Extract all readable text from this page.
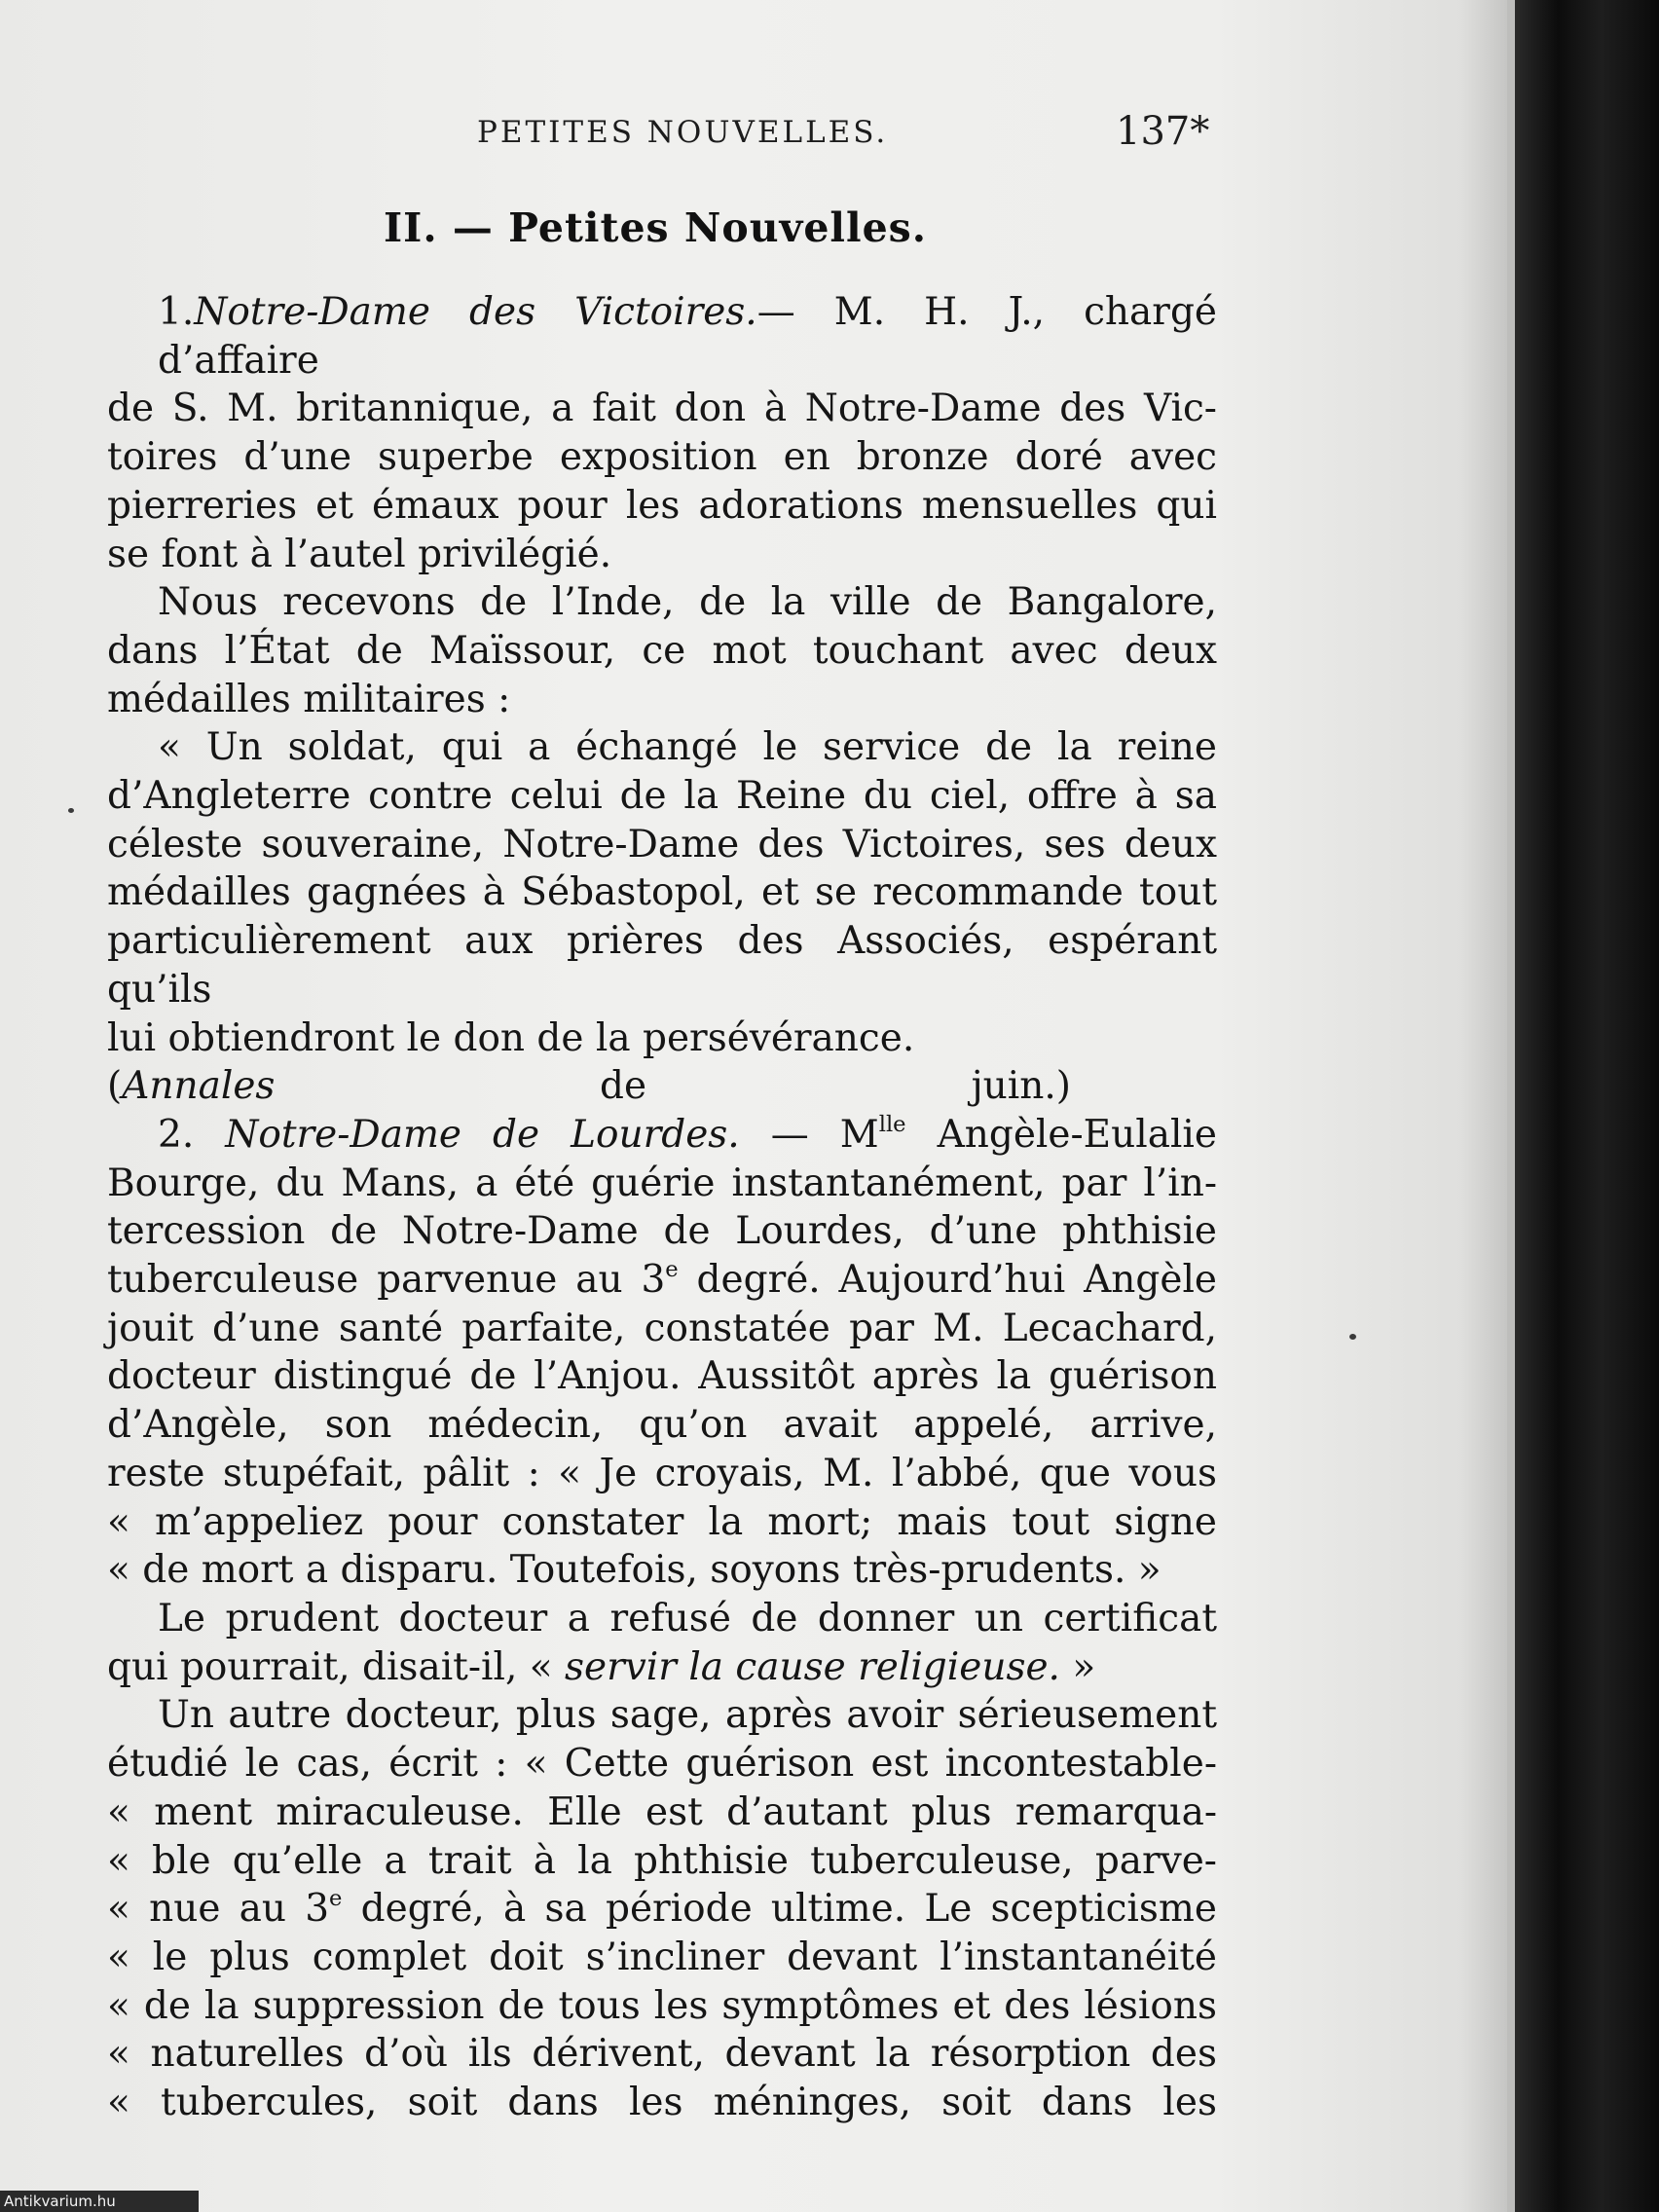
PETITES NOUVELLES.	137*
II. — Petites Nouvelles.

1.Notre-Dame des Victoires.— M. H. J., chargé d’affaire
de S. M. britannique, a fait don à Notre-Dame des Vic-
toires d’une superbe exposition en bronze doré avec
pierreries et émaux pour les adorations mensuelles qui
se font à l’autel privilégié.

Nous recevons de l’Inde, de la ville de Bangalore,
dans l’État de Maïssour, ce mot touchant avec deux
médailles militaires :

« Un soldat, qui a échangé le service de la reine
d’Angleterre contre celui de la Reine du ciel, offre à sa
céleste souveraine, Notre-Dame des Victoires, ses deux
médailles gagnées à Sébastopol, et se recommande tout
particulièrement aux prières des Associés, espérant qu’ils
lui obtiendront le don de la persévérance.
(Annales de juin.)

2. Notre-Dame de Lourdes. — $M^{lle}$ Angèle-Eulalie
Bourge, du Mans, a été guérie instantanément, par l’in-
tercession de Notre-Dame de Lourdes, d’une phthisie
tuberculeuse parvenue au 3e degré. Aujourd’hui Angèle
jouit d’une santé parfaite, constatée par M. Lecachard,
docteur distingué de l’Anjou. Aussitôt après la guérison
d’Angèle, son médecin, qu’on avait appelé, arrive,
reste stupéfait, pâlit : « Je croyais, M. l’abbé, que vous
« m’appeliez pour constater la mort; mais tout signe
« de mort a disparu. Toutefois, soyons très-prudents. »

Le prudent docteur a refusé de donner un certificat
qui pourrait, disait-il, « servir la cause religieuse. »

Un autre docteur, plus sage, après avoir sérieusement
étudié le cas, écrit : « Cette guérison est incontestable-
« ment miraculeuse. Elle est d’autant plus remarqua-
« ble qu’elle a trait à la phthisie tuberculeuse, parve-
« nue au 3e degré, à sa période ultime. Le scepticisme
« le plus complet doit s’incliner devant l’instantanéité
« de la suppression de tous les symptômes et des lésions
« naturelles d’où ils dérivent, devant la résorption des
« tubercules, soit dans les méninges, soit dans les

Antikvarium.hu
